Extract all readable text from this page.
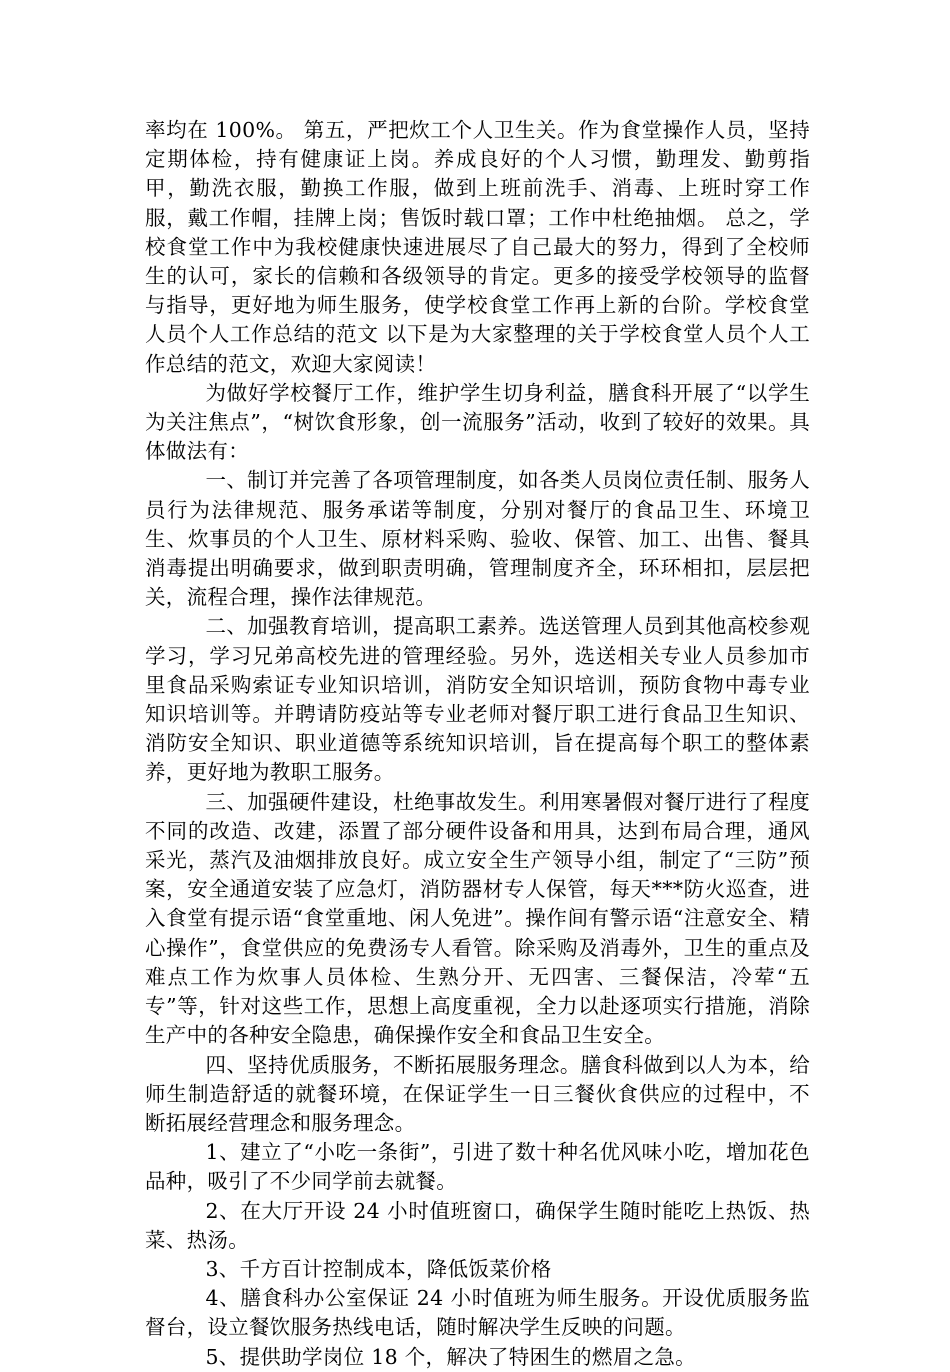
率均在 100%。 第五，严把炊工个人卫生关。作为食堂操作人员，坚持定期体检，持有健康证上岗。养成良好的个人习惯，勤理发、勤剪指甲，勤洗衣服，勤换工作服，做到上班前洗手、消毒、上班时穿工作服，戴工作帽，挂牌上岗；售饭时载口罩；工作中杜绝抽烟。 总之，学校食堂工作中为我校健康快速进展尽了自己最大的努力，得到了全校师生的认可，家长的信赖和各级领导的肯定。更多的接受学校领导的监督与指导，更好地为师生服务，使学校食堂工作再上新的台阶。学校食堂人员个人工作总结的范文 以下是为大家整理的关于学校食堂人员个人工作总结的范文，欢迎大家阅读！

为做好学校餐厅工作，维护学生切身利益，膳食科开展了“以学生为关注焦点”，“树饮食形象，创一流服务”活动，收到了较好的效果。具体做法有：

一、制订并完善了各项管理制度，如各类人员岗位责任制、服务人员行为法律规范、服务承诺等制度，分别对餐厅的食品卫生、环境卫生、炊事员的个人卫生、原材料采购、验收、保管、加工、出售、餐具消毒提出明确要求，做到职责明确，管理制度齐全，环环相扣，层层把关，流程合理，操作法律规范。

二、加强教育培训，提高职工素养。选送管理人员到其他高校参观学习，学习兄弟高校先进的管理经验。另外，选送相关专业人员参加市里食品采购索证专业知识培训，消防安全知识培训，预防食物中毒专业知识培训等。并聘请防疫站等专业老师对餐厅职工进行食品卫生知识、消防安全知识、职业道德等系统知识培训，旨在提高每个职工的整体素养，更好地为教职工服务。

三、加强硬件建设，杜绝事故发生。利用寒暑假对餐厅进行了程度不同的改造、改建，添置了部分硬件设备和用具，达到布局合理，通风采光，蒸汽及油烟排放良好。成立安全生产领导小组，制定了“三防”预案，安全通道安装了应急灯，消防器材专人保管，每天***防火巡查，进入食堂有提示语“食堂重地、闲人免进”。操作间有警示语“注意安全、精心操作”，食堂供应的免费汤专人看管。除采购及消毒外，卫生的重点及难点工作为炊事人员体检、生熟分开、无四害、三餐保洁，冷荤“五专”等，针对这些工作，思想上高度重视，全力以赴逐项实行措施，消除生产中的各种安全隐患，确保操作安全和食品卫生安全。

四、坚持优质服务，不断拓展服务理念。膳食科做到以人为本，给师生制造舒适的就餐环境，在保证学生一日三餐伙食供应的过程中，不断拓展经营理念和服务理念。

1、建立了“小吃一条街”，引进了数十种名优风味小吃，增加花色品种，吸引了不少同学前去就餐。

2、在大厅开设 24 小时值班窗口，确保学生随时能吃上热饭、热菜、热汤。

3、千方百计控制成本，降低饭菜价格

4、膳食科办公室保证 24 小时值班为师生服务。开设优质服务监督台，设立餐饮服务热线电话，随时解决学生反映的问题。

5、提供助学岗位 18 个，解决了特困生的燃眉之急。
